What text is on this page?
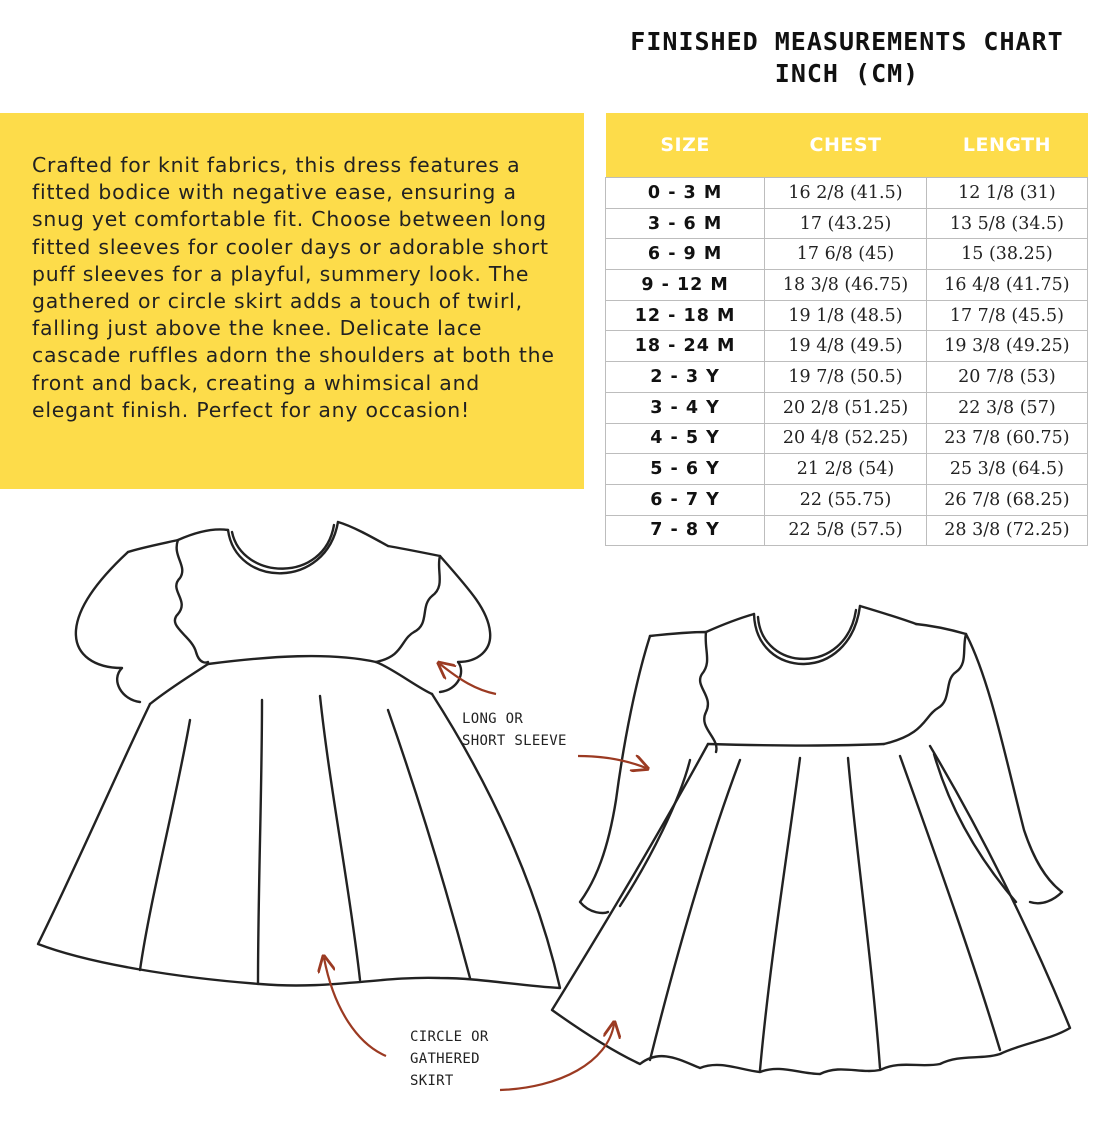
FINISHED MEASUREMENTS CHART
INCH (CM)
Crafted for knit fabrics, this dress features a fitted bodice with negative ease, ensuring a snug yet comfortable fit. Choose between long fitted sleeves for cooler days or adorable short puff sleeves for a playful, summery look. The gathered or circle skirt adds a touch of twirl, falling just above the knee. Delicate lace cascade ruffles adorn the shoulders at both the front and back, creating a whimsical and elegant finish. Perfect for any occasion!
SIZE	CHEST	LENGTH
0 - 3 M	16 2/8 (41.5)	12 1/8 (31)
3 - 6 M	17 (43.25)	13 5/8 (34.5)
6 - 9 M	17 6/8 (45)	15 (38.25)
9 - 12 M	18 3/8 (46.75)	16 4/8 (41.75)
12 - 18 M	19 1/8 (48.5)	17 7/8 (45.5)
18 - 24 M	19 4/8 (49.5)	19 3/8 (49.25)
2 - 3 Y	19 7/8 (50.5)	20 7/8 (53)
3 - 4 Y	20 2/8 (51.25)	22 3/8 (57)
4 - 5 Y	20 4/8 (52.25)	23 7/8 (60.75)
5 - 6 Y	21 2/8 (54)	25 3/8 (64.5)
6 - 7 Y	22 (55.75)	26 7/8 (68.25)
7 - 8 Y	22 5/8 (57.5)	28 3/8 (72.25)
LONG OR
SHORT SLEEVE
CIRCLE OR
GATHERED
SKIRT
